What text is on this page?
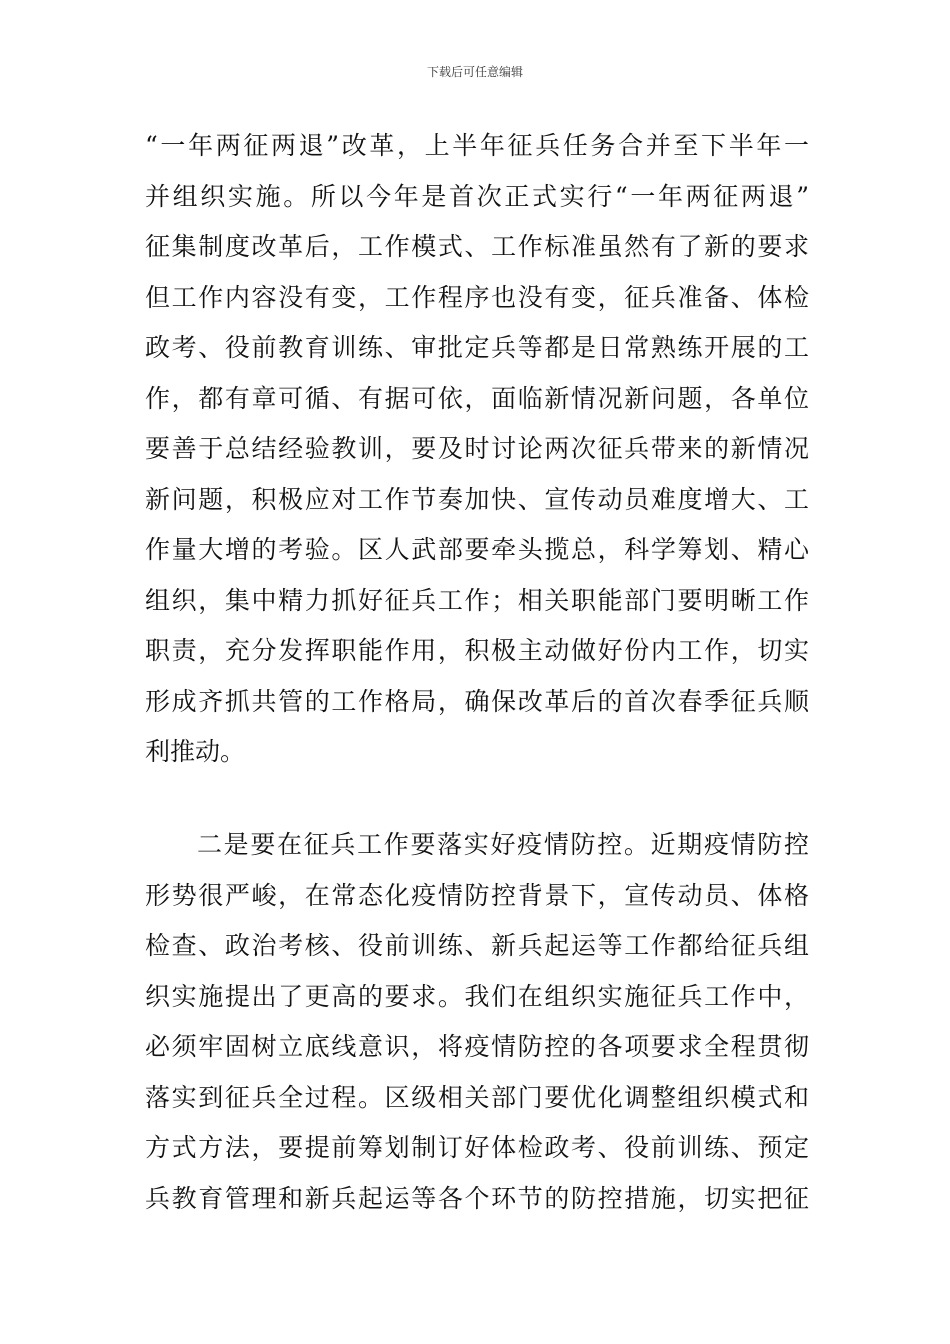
下载后可任意编辑
“一年两征两退”改革，上半年征兵任务合并至下半年一
并组织实施。所以今年是首次正式实行“一年两征两退”
征集制度改革后，工作模式、工作标准虽然有了新的要求
但工作内容没有变，工作程序也没有变，征兵准备、体检
政考、役前教育训练、审批定兵等都是日常熟练开展的工
作，都有章可循、有据可依，面临新情况新问题，各单位
要善于总结经验教训，要及时讨论两次征兵带来的新情况
新问题，积极应对工作节奏加快、宣传动员难度增大、工
作量大增的考验。区人武部要牵头揽总，科学筹划、精心
组织，集中精力抓好征兵工作；相关职能部门要明晰工作
职责，充分发挥职能作用，积极主动做好份内工作，切实
形成齐抓共管的工作格局，确保改革后的首次春季征兵顺
利推动。
二是要在征兵工作要落实好疫情防控。近期疫情防控
形势很严峻，在常态化疫情防控背景下，宣传动员、体格
检查、政治考核、役前训练、新兵起运等工作都给征兵组
织实施提出了更高的要求。我们在组织实施征兵工作中，
必须牢固树立底线意识，将疫情防控的各项要求全程贯彻
落实到征兵全过程。区级相关部门要优化调整组织模式和
方式方法，要提前筹划制订好体检政考、役前训练、预定
兵教育管理和新兵起运等各个环节的防控措施，切实把征
